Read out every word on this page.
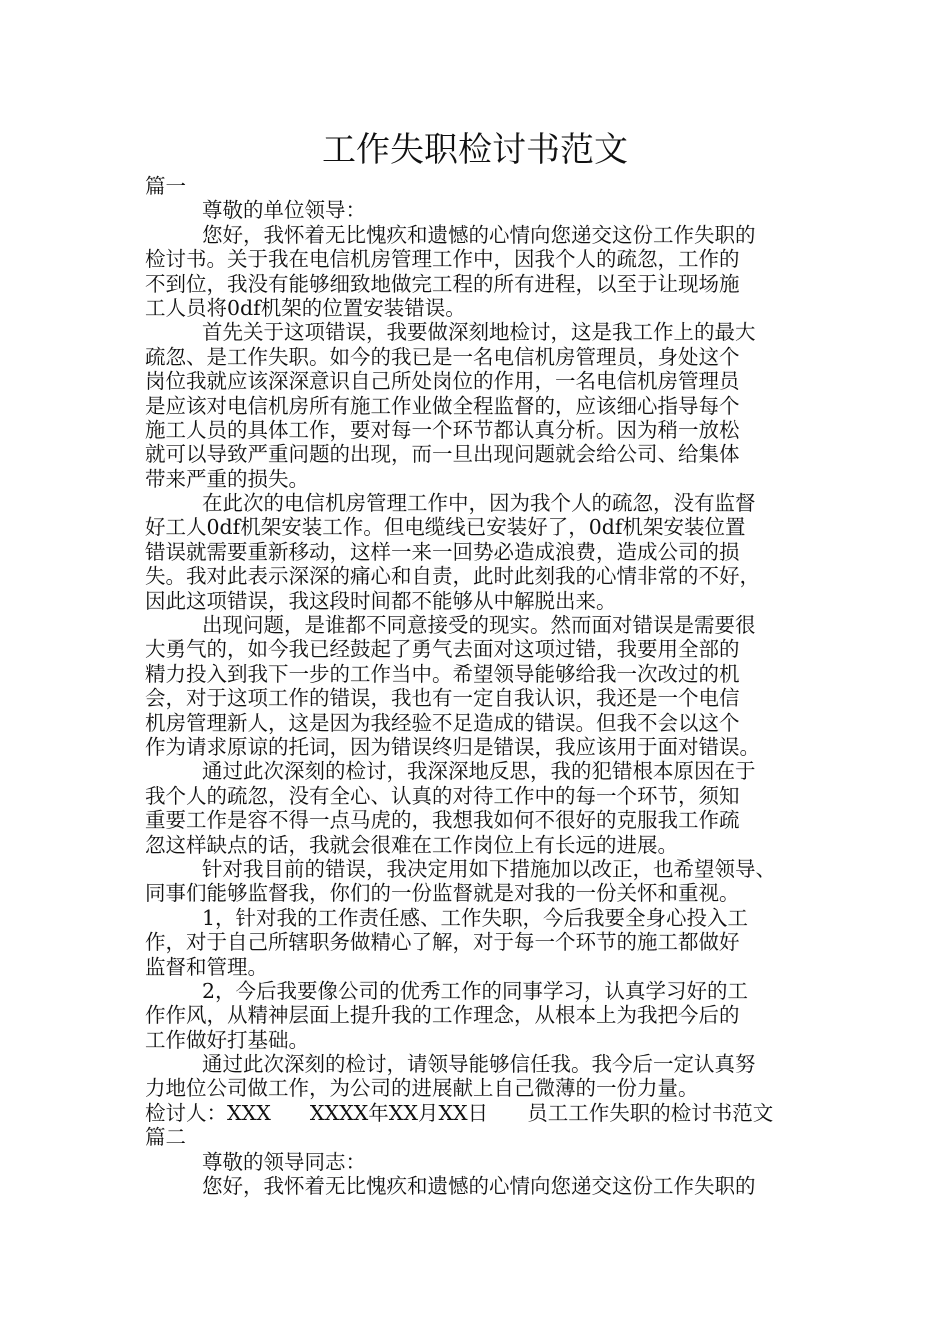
工作失职检讨书范文
篇一
尊敬的单位领导：
您好，我怀着无比愧疚和遗憾的心情向您递交这份工作失职的
检讨书。关于我在电信机房管理工作中，因我个人的疏忽，工作的
不到位，我没有能够细致地做完工程的所有进程，以至于让现场施
工人员将0df机架的位置安装错误。
首先关于这项错误，我要做深刻地检讨，这是我工作上的最大
疏忽、是工作失职。如今的我已是一名电信机房管理员，身处这个
岗位我就应该深深意识自己所处岗位的作用，一名电信机房管理员
是应该对电信机房所有施工作业做全程监督的，应该细心指导每个
施工人员的具体工作，要对每一个环节都认真分析。因为稍一放松
就可以导致严重问题的出现，而一旦出现问题就会给公司、给集体
带来严重的损失。
在此次的电信机房管理工作中，因为我个人的疏忽，没有监督
好工人0df机架安装工作。但电缆线已安装好了，0df机架安装位置
错误就需要重新移动，这样一来一回势必造成浪费，造成公司的损
失。我对此表示深深的痛心和自责，此时此刻我的心情非常的不好，
因此这项错误，我这段时间都不能够从中解脱出来。
出现问题，是谁都不同意接受的现实。然而面对错误是需要很
大勇气的，如今我已经鼓起了勇气去面对这项过错，我要用全部的
精力投入到我下一步的工作当中。希望领导能够给我一次改过的机
会，对于这项工作的错误，我也有一定自我认识，我还是一个电信
机房管理新人，这是因为我经验不足造成的错误。但我不会以这个
作为请求原谅的托词，因为错误终归是错误，我应该用于面对错误。
通过此次深刻的检讨，我深深地反思，我的犯错根本原因在于
我个人的疏忽，没有全心、认真的对待工作中的每一个环节，须知
重要工作是容不得一点马虎的，我想我如何不很好的克服我工作疏
忽这样缺点的话，我就会很难在工作岗位上有长远的进展。
针对我目前的错误，我决定用如下措施加以改正，也希望领导、
同事们能够监督我，你们的一份监督就是对我的一份关怀和重视。
1，针对我的工作责任感、工作失职，今后我要全身心投入工
作，对于自己所辖职务做精心了解，对于每一个环节的施工都做好
监督和管理。
2，今后我要像公司的优秀工作的同事学习，认真学习好的工
作作风，从精神层面上提升我的工作理念，从根本上为我把今后的
工作做好打基础。
通过此次深刻的检讨，请领导能够信任我。我今后一定认真努
力地位公司做工作，为公司的进展献上自己微薄的一份力量。
检讨人：XXX      XXXX年XX月XX日      员工工作失职的检讨书范文
篇二
尊敬的领导同志：
您好，我怀着无比愧疚和遗憾的心情向您递交这份工作失职的
